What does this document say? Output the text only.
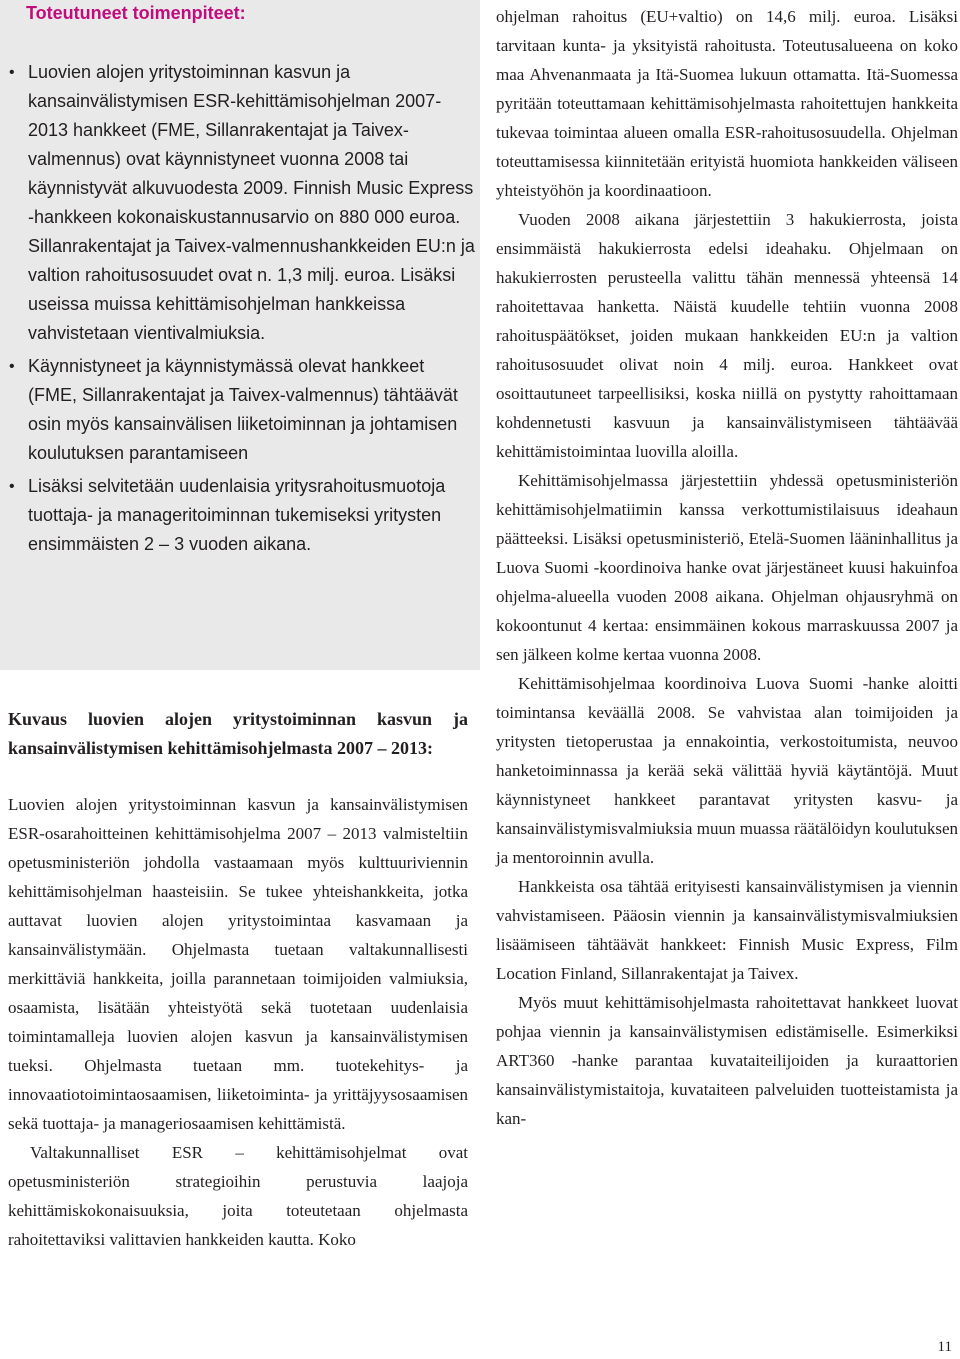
Toteutuneet toimenpiteet:
• Luovien alojen yritystoiminnan kasvun ja kansainvälistymisen ESR-kehittämisohjelman 2007-2013 hankkeet (FME, Sillanrakentajat ja Taivex-valmennus) ovat käynnistyneet vuonna 2008 tai käynnistyvät alkuvuodesta 2009. Finnish Music Express -hankkeen kokonaiskustannusarvio on 880 000 euroa. Sillanrakentajat ja Taivex-valmennushankkeiden EU:n ja valtion rahoitusosuudet ovat n. 1,3 milj. euroa. Lisäksi useissa muissa kehittämisohjelman hankkeissa vahvistetaan vientivalmiuksia.
• Käynnistyneet ja käynnistymässä olevat hankkeet (FME, Sillanrakentajat ja Taivex-valmennus) tähtäävät osin myös kansainvälisen liiketoiminnan ja johtamisen koulutuksen parantamiseen
• Lisäksi selvitetään uudenlaisia yritysrahoitusmuotoja tuottaja- ja manageritoiminnan tukemiseksi yritysten ensimmäisten 2 – 3 vuoden aikana.
Kuvaus luovien alojen yritystoiminnan kasvun ja kansainvälistymisen kehittämisohjelmasta 2007 – 2013:

Luovien alojen yritystoiminnan kasvun ja kansainvälistymisen ESR-osarahoitteinen kehittämisohjelma 2007 – 2013 valmisteltiin opetusministeriön johdolla vastaamaan myös kulttuuriviennin kehittämisohjelman haasteisiin. Se tukee yhteishankkeita, jotka auttavat luovien alojen yritystoimintaa kasvamaan ja kansainvälistymään. Ohjelmasta tuetaan valtakunnallisesti merkittäviä hankkeita, joilla parannetaan toimijoiden valmiuksia, osaamista, lisätään yhteistyötä sekä tuotetaan uudenlaisia toimintamalleja luovien alojen kasvun ja kansainvälistymisen tueksi. Ohjelmasta tuetaan mm. tuotekehitys- ja innovaatiotoimintaosaamisen, liiketoiminta- ja yrittäjyysosaamisen sekä tuottaja- ja manageriosaamisen kehittämistä.

Valtakunnalliset ESR – kehittämisohjelmat ovat opetusministeriön strategioihin perustuvia laajoja kehittämiskokonaisuuksia, joita toteutetaan ohjelmasta rahoitettaviksi valittavien hankkeiden kautta. Koko

ohjelman rahoitus (EU+valtio) on 14,6 milj. euroa. Lisäksi tarvitaan kunta- ja yksityistä rahoitusta. Toteutusalueena on koko maa Ahvenanmaata ja Itä-Suomea lukuun ottamatta. Itä-Suomessa pyritään toteuttamaan kehittämisohjelmasta rahoitettujen hankkeita tukevaa toimintaa alueen omalla ESR-rahoitusosuudella. Ohjelman toteuttamisessa kiinnitetään erityistä huomiota hankkeiden väliseen yhteistyöhön ja koordinaatioon.

Vuoden 2008 aikana järjestettiin 3 hakukierrosta, joista ensimmäistä hakukierrosta edelsi ideahaku. Ohjelmaan on hakukierrosten perusteella valittu tähän mennessä yhteensä 14 rahoitettavaa hanketta. Näistä kuudelle tehtiin vuonna 2008 rahoituspäätökset, joiden mukaan hankkeiden EU:n ja valtion rahoitusosuudet olivat noin 4 milj. euroa. Hankkeet ovat osoittautuneet tarpeellisiksi, koska niillä on pystytty rahoittamaan kohdennetusti kasvuun ja kansainvälistymiseen tähtäävää kehittämistoimintaa luovilla aloilla.

Kehittämisohjelmassa järjestettiin yhdessä opetusministeriön kehittämisohjelmatiimin kanssa verkottumistilaisuus ideahaun päätteeksi. Lisäksi opetusministeriö, Etelä-Suomen lääninhallitus ja Luova Suomi -koordinoiva hanke ovat järjestäneet kuusi hakuinfoa ohjelma-alueella vuoden 2008 aikana. Ohjelman ohjausryhmä on kokoontunut 4 kertaa: ensimmäinen kokous marraskuussa 2007 ja sen jälkeen kolme kertaa vuonna 2008.

Kehittämisohjelmaa koordinoiva Luova Suomi -hanke aloitti toimintansa keväällä 2008. Se vahvistaa alan toimijoiden ja yritysten tietoperustaa ja ennakointia, verkostoitumista, neuvoo hanketoiminnassa ja kerää sekä välittää hyviä käytäntöjä. Muut käynnistyneet hankkeet parantavat yritysten kasvu- ja kansainvälistymisvalmiuksia muun muassa räätälöidyn koulutuksen ja mentoroinnin avulla.

Hankkeista osa tähtää erityisesti kansainvälistymisen ja viennin vahvistamiseen. Pääosin viennin ja kansainvälistymisvalmiuksien lisäämiseen tähtäävät hankkeet: Finnish Music Express, Film Location Finland, Sillanrakentajat ja Taivex.

Myös muut kehittämisohjelmasta rahoitettavat hankkeet luovat pohjaa viennin ja kansainvälistymisen edistämiselle. Esimerkiksi ART360 -hanke parantaa kuvataiteilijoiden ja kuraattorien kansainvälistymistaitoja, kuvataiteen palveluiden tuotteistamista ja kan-

11
